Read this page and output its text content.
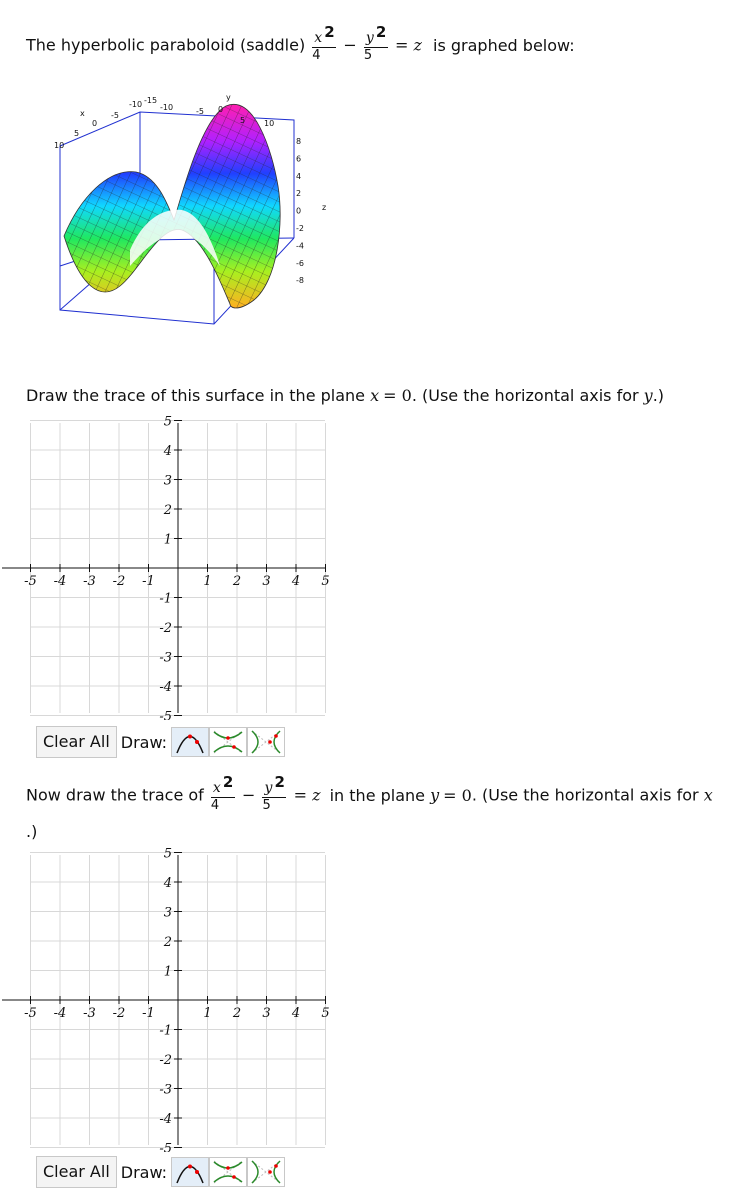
The hyperbolic paraboloid (saddle) x 2
4
− y 2
5
= z is graphed below:
x
y
z
10
5
0
-5
-10 -15
-10	-5 0
5 10
8
6
4
2
0
-2
-4
-6
-8
Draw the trace of this surface in the plane x = 0. (Use the horizontal axis for y.)
-5 -4 -3 -2 -1	1 2 3 4 5
5
4
3
2
1
-1
-2
-3
-4
-5
Clear All Draw:
Now draw the trace of x 2
4
− y 2
5
= z in the plane y = 0. (Use the horizontal axis for x
.)
-5 -4 -3 -2 -1	1 2 3 4 5
5
4
3
2
1
-1
-2
-3
-4
-5
Clear All Draw:
